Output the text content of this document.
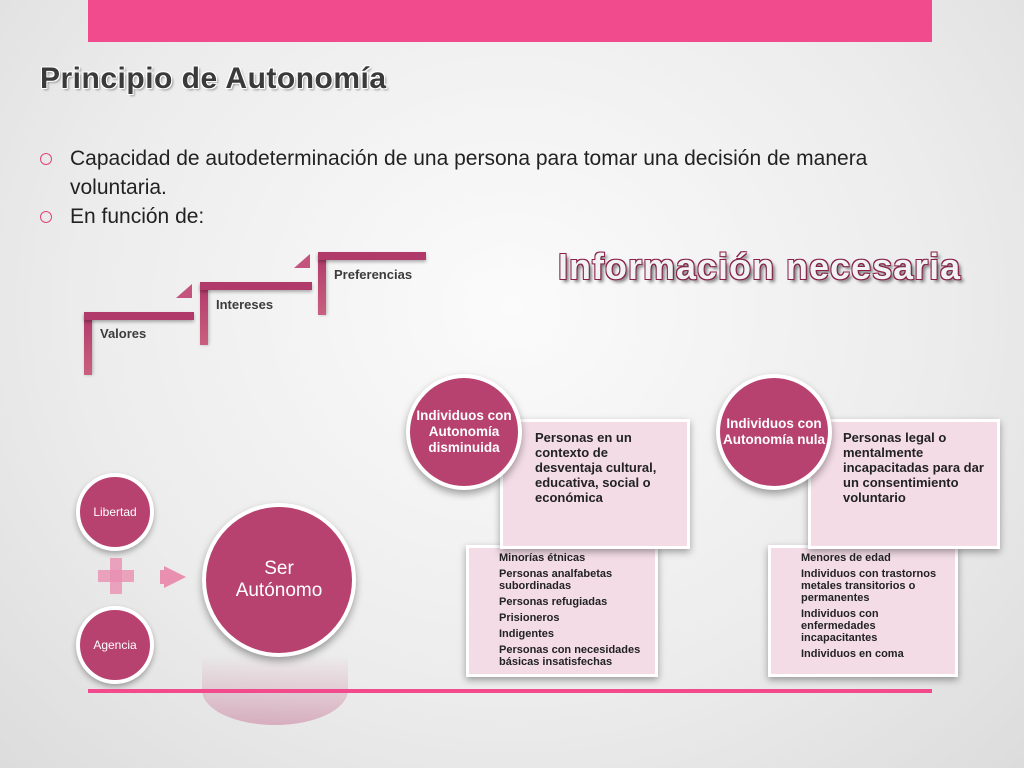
Principio de Autonomía
Capacidad de autodeterminación de una persona para tomar una decisión de manera voluntaria.
En función de:
Información necesaria
Valores
Intereses
Preferencias
Libertad
Agencia
Ser
Autónomo
Individuos con Autonomía disminuida
Personas en un contexto de desventaja cultural, educativa, social o económica
Minorías étnicas
Personas analfabetas subordinadas
Personas refugiadas
Prisioneros
Indigentes
Personas con necesidades básicas insatisfechas
Individuos con Autonomía nula	Personas legal o mentalmente incapacitadas para dar un consentimiento voluntario
Menores de edad
Individuos con trastornos metales transitorios o permanentes
Individuos con enfermedades incapacitantes
Individuos en coma
